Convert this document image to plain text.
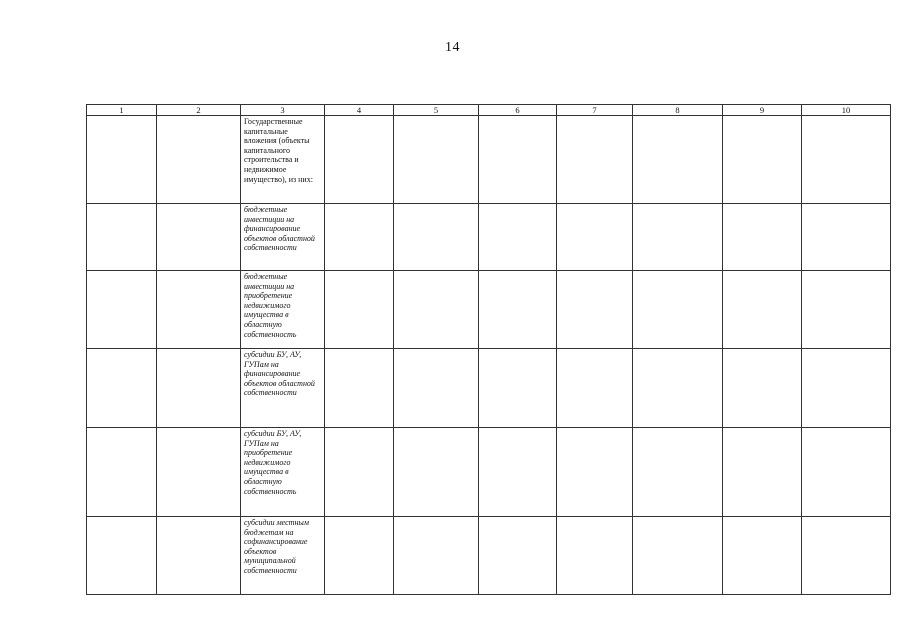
14
1	2	3	4	5	6	7	8	9	10

		Государственные капитальные вложения (объекты капитального строительства и недвижимое имущество), из них:							

		бюджетные инвестиции на финансирование объектов областной собственности							

		бюджетные инвестиции на приобретение недвижимого имущества в областную собственность							

		субсидии БУ, АУ, ГУПам на финансирование объектов областной собственности							

		субсидии БУ, АУ, ГУПам на приобретение недвижимого имущества в областную собственность							

		субсидии местным бюджетам на софинансирование объектов муниципальной собственности							
